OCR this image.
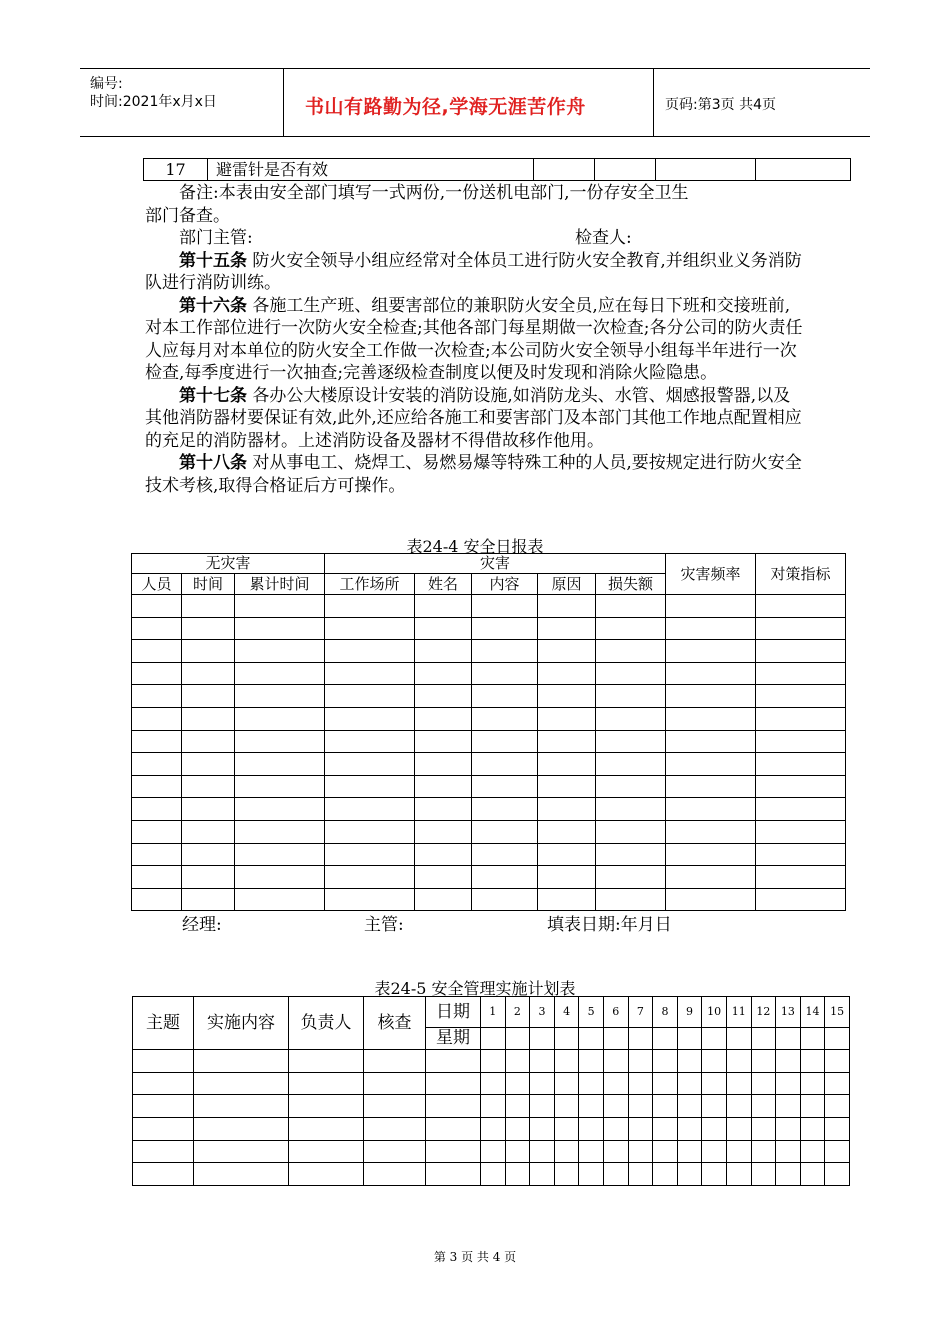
编号:
时间:2021年x月x日	书山有路勤为径,学海无涯苦作舟	页码:第3页 共4页
17	避雷针是否有效				

备注:本表由安全部门填写一式两份,一份送机电部门,一份存安全卫生

部门备查。

部门主管:	检查人:

第十五条 防火安全领导小组应经常对全体员工进行防火安全教育,并组织业义务消防队进行消防训练。

第十六条 各施工生产班、组要害部位的兼职防火安全员,应在每日下班和交接班前,对本工作部位进行一次防火安全检查;其他各部门每星期做一次检查;各分公司的防火责任人应每月对本单位的防火安全工作做一次检查;本公司防火安全领导小组每半年进行一次检查,每季度进行一次抽查;完善逐级检查制度以便及时发现和消除火险隐患。

第十七条 各办公大楼原设计安装的消防设施,如消防龙头、水管、烟感报警器,以及其他消防器材要保证有效,此外,还应给各施工和要害部门及本部门其他工作地点配置相应的充足的消防器材。上述消防设备及器材不得借故移作他用。

第十八条 对从事电工、烧焊工、易燃易爆等特殊工种的人员,要按规定进行防火安全技术考核,取得合格证后方可操作。

表24-4 安全日报表
无灾害			灾害					灾害频率	对策指标
人员	时间	累计时间	工作场所	姓名	内容	原因	损失额		

经理:	主管:	填表日期:年月日
表24-5 安全管理实施计划表
主题	实施内容	负责人	核查	日期	1	2	3	4	5	6	7	8	9	10	11	12	13	14	15
				星期															

第 3 页 共 4 页
